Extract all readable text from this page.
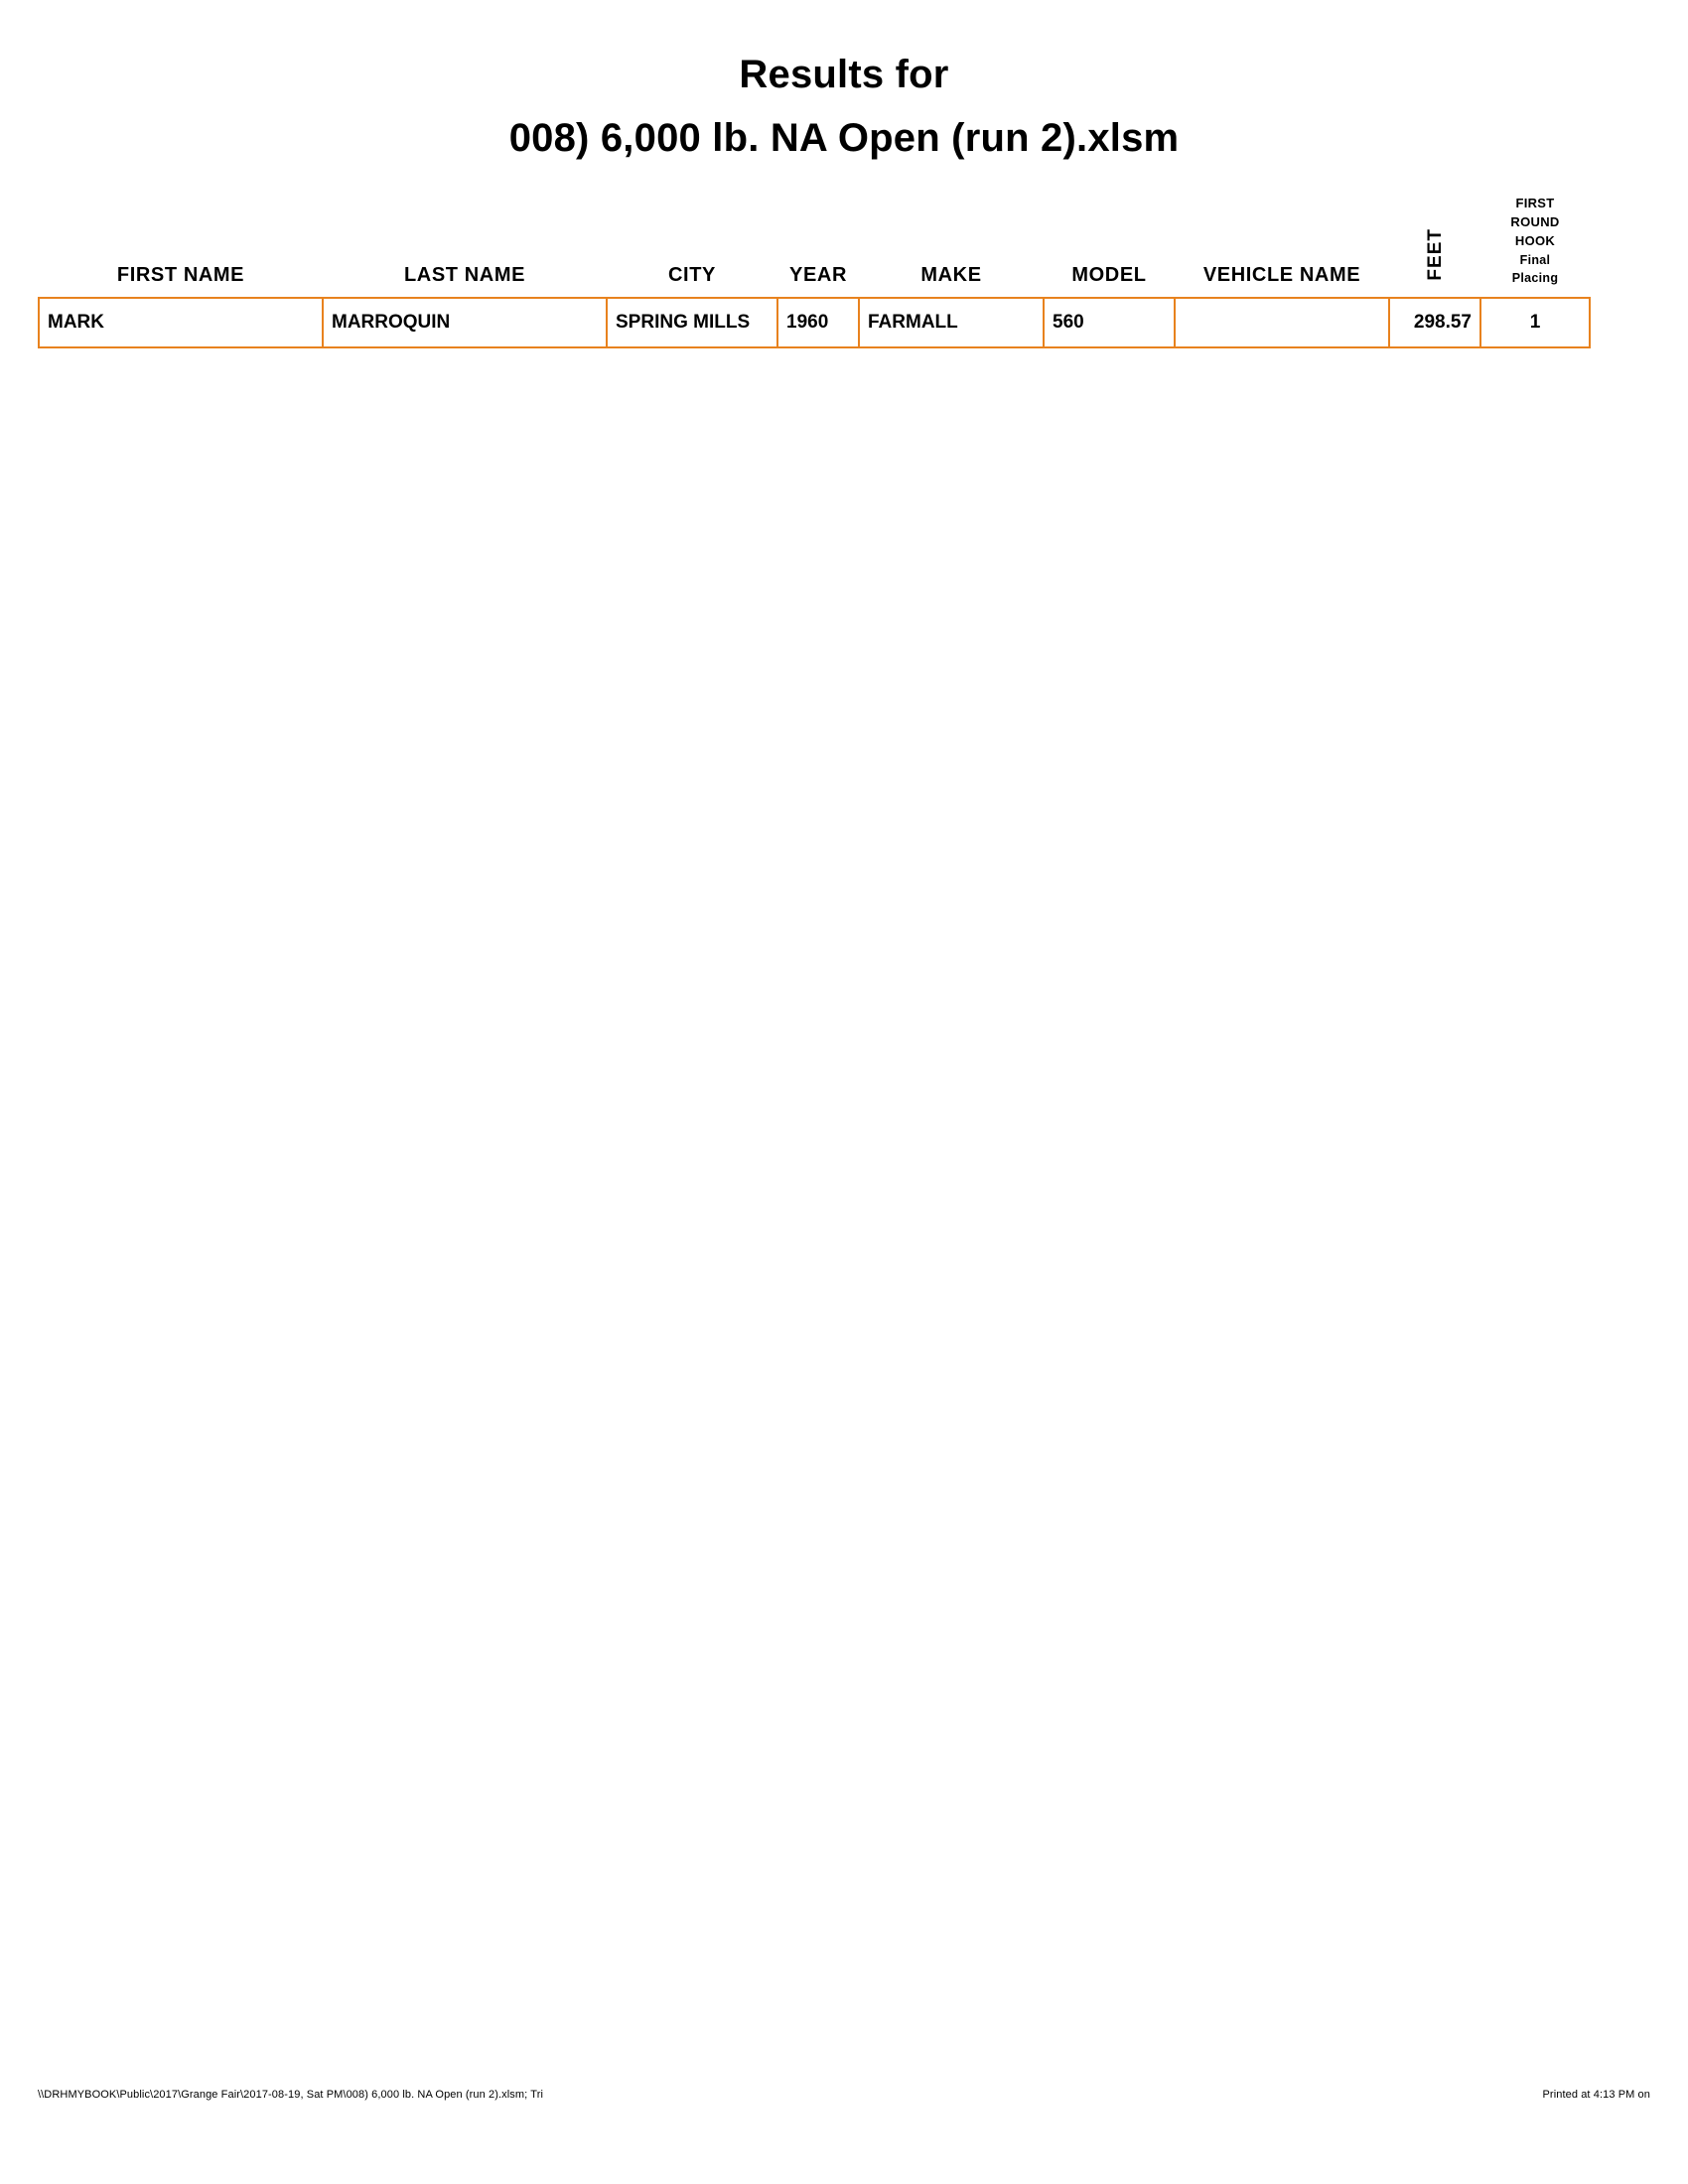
Results for
008) 6,000 lb. NA Open (run 2).xlsm
FIRST NAME	LAST NAME	CITY	YEAR	MAKE	MODEL	VEHICLE NAME	FEET	FIRST
ROUND
HOOK
Final
Placing

MARK	MARROQUIN	SPRING MILLS	1960	FARMALL	560		298.57	1
\\DRHMYBOOK\Public\2017\Grange Fair\2017-08-19, Sat PM\008) 6,000 lb. NA Open (run 2).xlsm; Tri	Printed at 4:13 PM on
